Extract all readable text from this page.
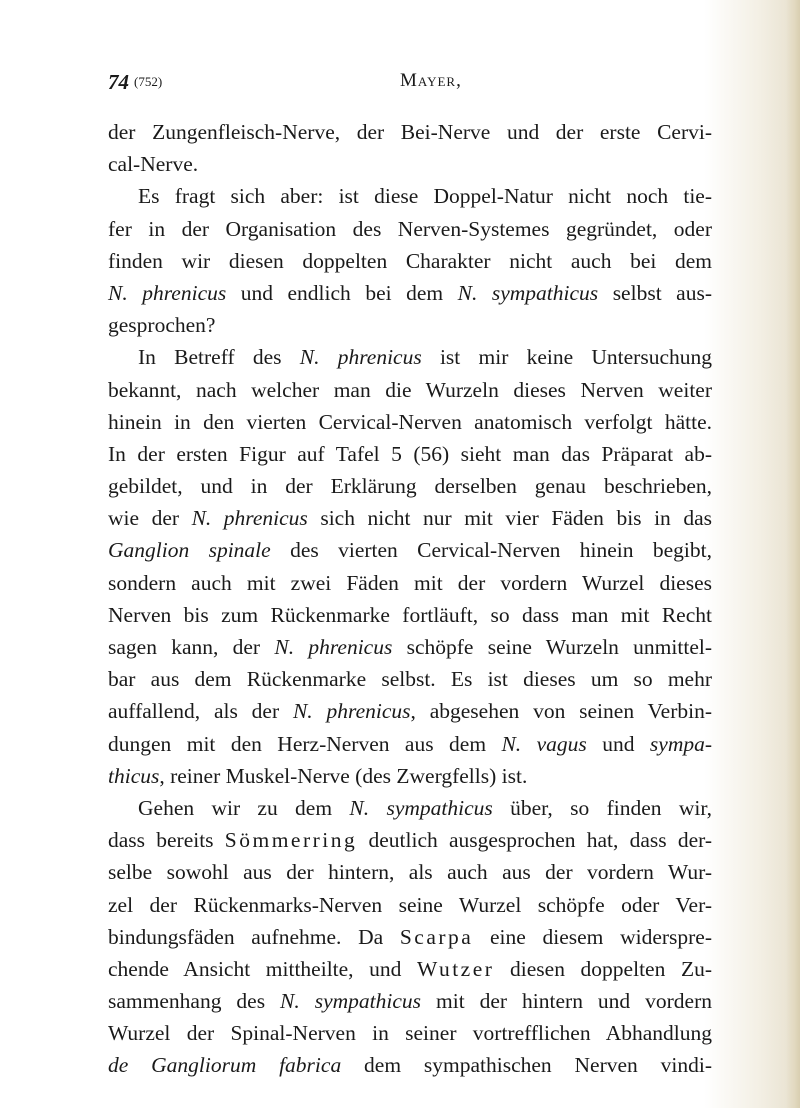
74 (752)	Mayer,
der Zungenfleisch-Nerve, der Bei-Nerve und der erste Cervi-
cal-Nerve.
Es fragt sich aber: ist diese Doppel-Natur nicht noch tie-
fer in der Organisation des Nerven-Systemes gegründet, oder
finden wir diesen doppelten Charakter nicht auch bei dem
N. phrenicus und endlich bei dem N. sympathicus selbst aus-
gesprochen?
In Betreff des N. phrenicus ist mir keine Untersuchung
bekannt, nach welcher man die Wurzeln dieses Nerven weiter
hinein in den vierten Cervical-Nerven anatomisch verfolgt hätte.
In der ersten Figur auf Tafel 5 (56) sieht man das Präparat ab-
gebildet, und in der Erklärung derselben genau beschrieben,
wie der N. phrenicus sich nicht nur mit vier Fäden bis in das
Ganglion spinale des vierten Cervical-Nerven hinein begibt,
sondern auch mit zwei Fäden mit der vordern Wurzel dieses
Nerven bis zum Rückenmarke fortläuft, so dass man mit Recht
sagen kann, der N. phrenicus schöpfe seine Wurzeln unmittel-
bar aus dem Rückenmarke selbst. Es ist dieses um so mehr
auffallend, als der N. phrenicus, abgesehen von seinen Verbin-
dungen mit den Herz-Nerven aus dem N. vagus und sympa-
thicus, reiner Muskel-Nerve (des Zwergfells) ist.
Gehen wir zu dem N. sympathicus über, so finden wir,
dass bereits Sömmerring deutlich ausgesprochen hat, dass der-
selbe sowohl aus der hintern, als auch aus der vordern Wur-
zel der Rückenmarks-Nerven seine Wurzel schöpfe oder Ver-
bindungsfäden aufnehme. Da Scarpa eine diesem widerspre-
chende Ansicht mittheilte, und Wutzer diesen doppelten Zu-
sammenhang des N. sympathicus mit der hintern und vordern
Wurzel der Spinal-Nerven in seiner vortrefflichen Abhandlung
de Gangliorum fabrica dem sympathischen Nerven vindi-
